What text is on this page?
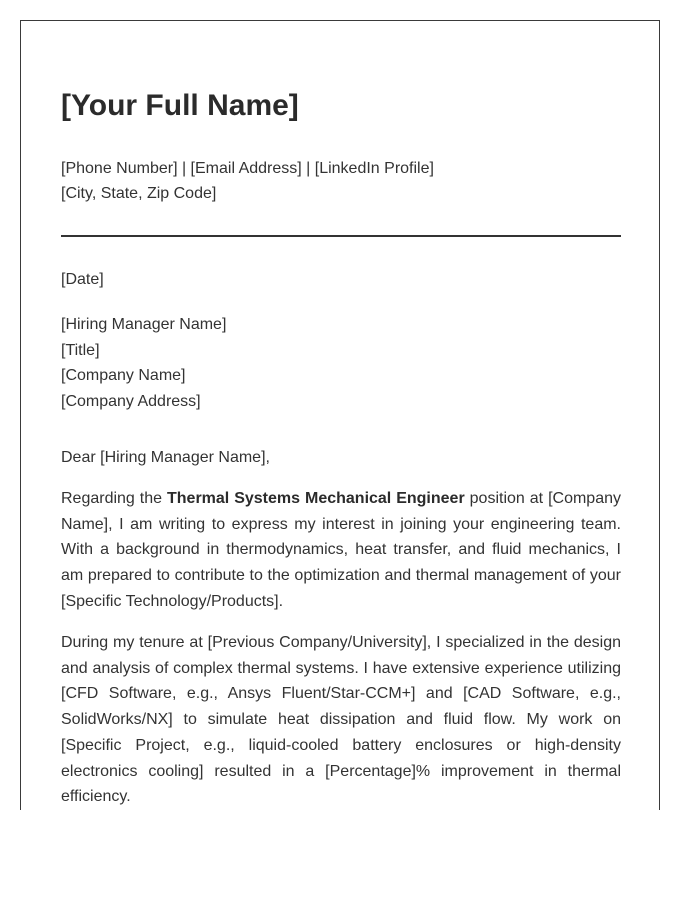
[Your Full Name]
[Phone Number] | [Email Address] | [LinkedIn Profile]
[City, State, Zip Code]
[Date]
[Hiring Manager Name]
[Title]
[Company Name]
[Company Address]
Dear [Hiring Manager Name],

Regarding the Thermal Systems Mechanical Engineer position at [Company Name], I am writing to express my interest in joining your engineering team. With a background in thermodynamics, heat transfer, and fluid mechanics, I am prepared to contribute to the optimization and thermal management of your [Specific Technology/Products].

During my tenure at [Previous Company/University], I specialized in the design and analysis of complex thermal systems. I have extensive experience utilizing [CFD Software, e.g., Ansys Fluent/Star-CCM+] and [CAD Software, e.g., SolidWorks/NX] to simulate heat dissipation and fluid flow. My work on [Specific Project, e.g., liquid-cooled battery enclosures or high-density electronics cooling] resulted in a [Percentage]% improvement in thermal efficiency.
